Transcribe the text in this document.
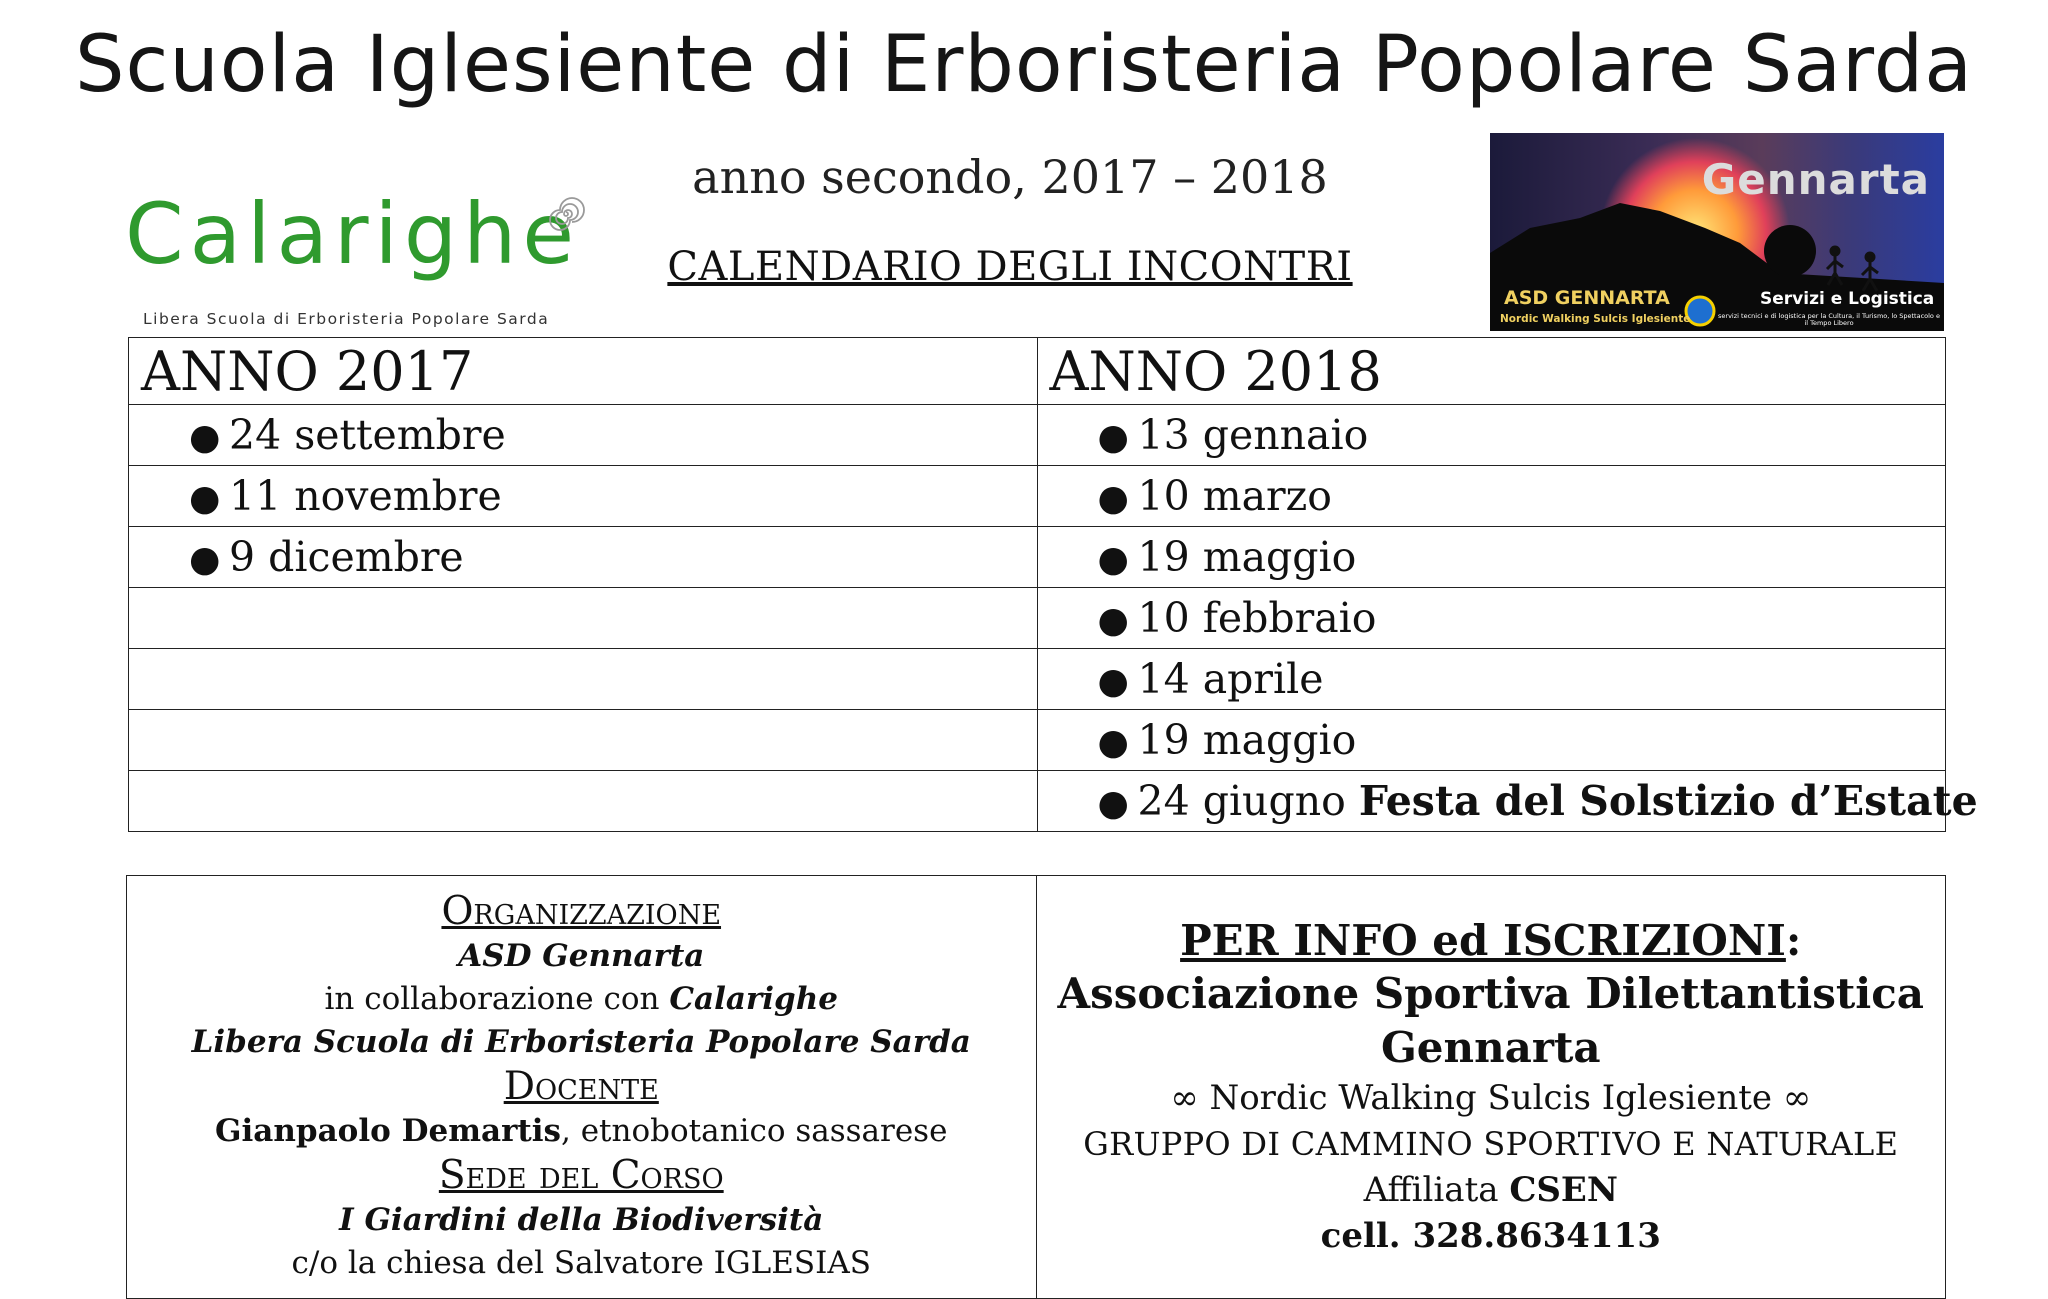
Scuola Iglesiente di Erboristeria Popolare Sarda
Calarighe
Libera Scuola di Erboristeria Popolare Sarda
anno secondo, 2017 – 2018
CALENDARIO DEGLI INCONTRI
Gennarta
ASD GENNARTA
Nordic Walking Sulcis Iglesiente
Servizi e Logistica
servizi tecnici e di logistica per la Cultura, il Turismo, lo Spettacolo e il Tempo Libero
ANNO 2017	ANNO 2018

● 24 settembre	● 13 gennaio

● 11 novembre	● 10 marzo

● 9 dicembre	● 19 maggio

	● 10 febbraio

	● 14 aprile

	● 19 maggio

	● 24 giugno Festa del Solstizio d’Estate
Organizzazione
ASD Gennarta
in collaborazione con Calarighe
Libera Scuola di Erboristeria Popolare Sarda
Docente
Gianpaolo Demartis, etnobotanico sassarese
Sede del Corso
I Giardini della Biodiversità
c/o la chiesa del Salvatore IGLESIAS

PER INFO ed ISCRIZIONI:
Associazione Sportiva Dilettantistica
Gennarta
∞ Nordic Walking Sulcis Iglesiente ∞
GRUPPO DI CAMMINO SPORTIVO E NATURALE
Affiliata CSEN
cell. 328.8634113
